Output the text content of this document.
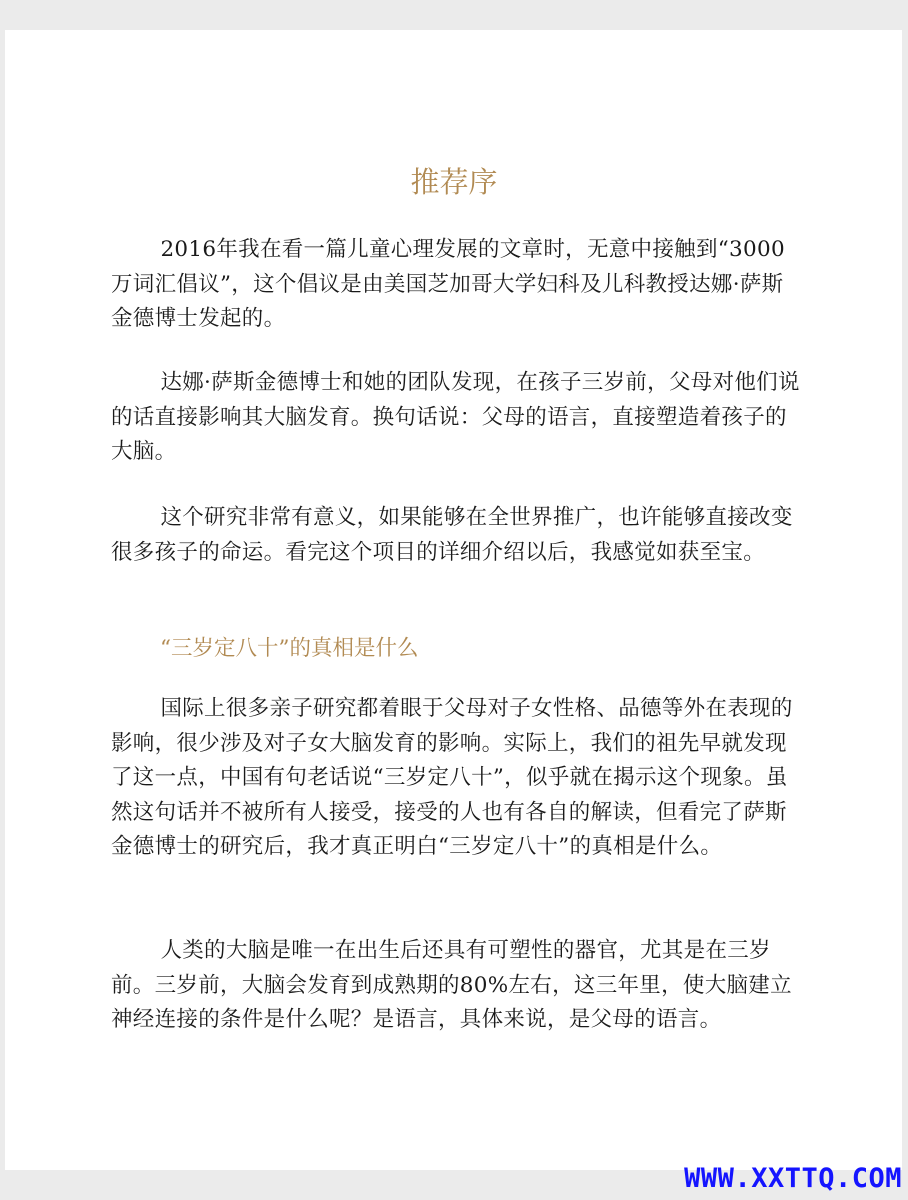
推荐序

2016年我在看一篇儿童心理发展的文章时，无意中接触到“3000万词汇倡议”，这个倡议是由美国芝加哥大学妇科及儿科教授达娜·萨斯金德博士发起的。

达娜·萨斯金德博士和她的团队发现，在孩子三岁前，父母对他们说的话直接影响其大脑发育。换句话说：父母的语言，直接塑造着孩子的大脑。

这个研究非常有意义，如果能够在全世界推广，也许能够直接改变很多孩子的命运。看完这个项目的详细介绍以后，我感觉如获至宝。

“三岁定八十”的真相是什么

国际上很多亲子研究都着眼于父母对子女性格、品德等外在表现的影响，很少涉及对子女大脑发育的影响。实际上，我们的祖先早就发现了这一点，中国有句老话说“三岁定八十”，似乎就在揭示这个现象。虽然这句话并不被所有人接受，接受的人也有各自的解读，但看完了萨斯金德博士的研究后，我才真正明白“三岁定八十”的真相是什么。

人类的大脑是唯一在出生后还具有可塑性的器官，尤其是在三岁前。三岁前，大脑会发育到成熟期的80%左右，这三年里，使大脑建立神经连接的条件是什么呢？是语言，具体来说，是父母的语言。

WWW.XXTTQ.COM
